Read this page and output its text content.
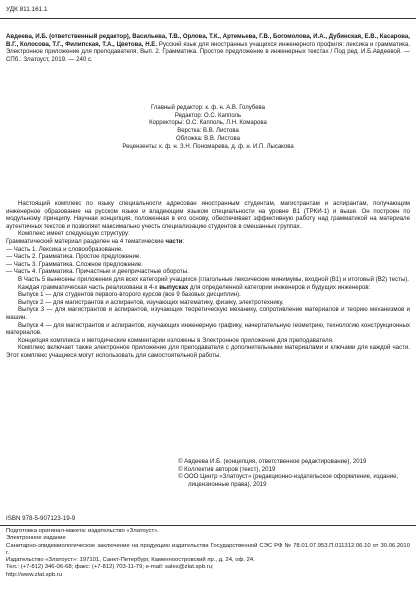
УДК 811.161.1
Авдеева, И.Б. (ответственный редактор), Васильева, Т.В., Орлова, Т.К., Артемьева, Г.В., Богомолова, И.А., Дубинская, Е.В., Касарова, В.Г., Колосова, Т.Г., Филипская, Т.А., Цветова, Н.Е. Русский язык для иностранных учащихся инженерного профиля: лексика и грамматика. Электронное приложение для преподавателя. Вып. 2. Грамматика. Простое предложение в инженерных текстах / Под ред. И.Б.Авдеевой. — СПб.: Златоуст, 2019. — 240 с.
Главный редактор: к. ф. н. А.В. Голубева
Редактор: О.С. Капполь
Корректоры: О.С. Капполь, Л.Н. Комарова
Верстка: В.В. Листова
Обложка: В.В. Листова
Рецензенты: к. ф. н. З.Н. Пономарева, д. ф. н. И.П. Лысакова

Настоящий комплекс по языку специальности адресован иностранным студентам, магистрантам и аспирантам, получающим инженерное образование на русском языке и владеющим языком специальности на уровне В1 (ТРКИ-1) и выше. Он построен по модульному принципу. Научная концепция, положенная в его основу, обеспечивает эффективную работу над грамматикой на материале аутентичных текстов и позволяет максимально учесть специализацию студентов в смешанных группах.

Комплекс имеет следующую структуру:

Грамматический материал разделен на 4 тематические части:

— Часть 1. Лексика и словообразование.

— Часть 2. Грамматика. Простое предложение.

— Часть 3. Грамматика. Сложное предложение.

— Часть 4. Грамматика. Причастные и деепричастные обороты.

В Часть 5 вынесены приложения для всех категорий учащихся (глагольные лексические минимумы, входной (В1) и итоговый (В2) тесты).

Каждая грамматическая часть реализована в 4-х выпусках для определенной категории инженеров и будущих инженеров:

Выпуск 1 — для студентов первого-второго курсов (все 9 базовых дисциплин).

Выпуск 2 — для магистрантов и аспирантов, изучающих математику, физику, электротехнику.

Выпуск 3 — для магистрантов и аспирантов, изучающих теоретическую механику, сопротивление материалов и теорию механизмов и машин.

Выпуск 4 — для магистрантов и аспирантов, изучающих инженерную графику, начертательную геометрию, технологию конструкционных материалов.

Концепция комплекса и методические комментарии изложены в Электронное приложение для преподавателя.

Комплекс включает также электронное приложение для преподавателя с дополнительными материалами и ключами для каждой части. Этот комплекс учащиеся могут использовать для самостоятельной работы.

© Авдеева И.Б. (концепция, ответственное редактирование), 2019

© Коллектив авторов (текст), 2019

© ООО Центр «Златоуст» (редакционно-издательское оформление, издание, лицензионные права), 2019

ISBN 978-5-907123-19-9

Подготовка оригинал-макета: издательство «Златоуст».

Электронное издание

Санитарно-эпидемиологическое заключение на продукцию издательства Государственной СЭС РФ № 78.01.07.953.П.011312.06.10 от 30.06.2010 г.

Издательство «Златоуст»: 197101, Санкт-Петербург, Каменноостровский пр., д. 24, оф. 24.

Тел.: (+7-812) 346-06-68; факс: (+7-812) 703-11-79; e-mail: sales@zlat.spb.ru;

http://www.zlat.spb.ru
